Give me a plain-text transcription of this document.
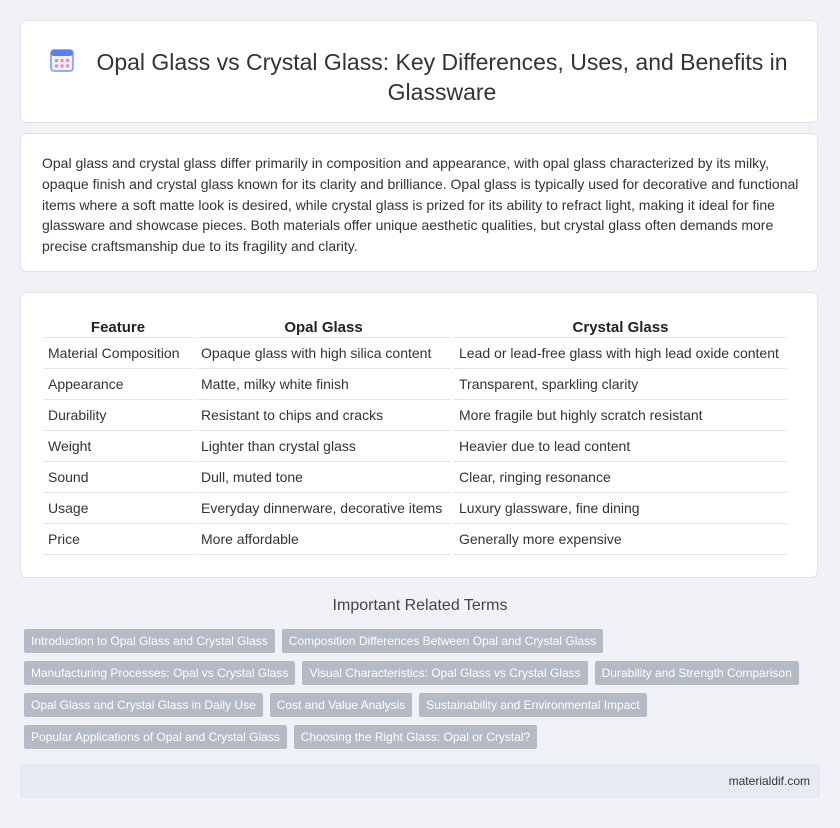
Opal Glass vs Crystal Glass: Key Differences, Uses, and Benefits in Glassware

Opal glass and crystal glass differ primarily in composition and appearance, with opal glass characterized by its milky, opaque finish and crystal glass known for its clarity and brilliance. Opal glass is typically used for decorative and functional items where a soft matte look is desired, while crystal glass is prized for its ability to refract light, making it ideal for fine glassware and showcase pieces. Both materials offer unique aesthetic qualities, but crystal glass often demands more precise craftsmanship due to its fragility and clarity.

Feature	Opal Glass	Crystal Glass
Material Composition	Opaque glass with high silica content	Lead or lead-free glass with high lead oxide content
Appearance	Matte, milky white finish	Transparent, sparkling clarity
Durability	Resistant to chips and cracks	More fragile but highly scratch resistant
Weight	Lighter than crystal glass	Heavier due to lead content
Sound	Dull, muted tone	Clear, ringing resonance
Usage	Everyday dinnerware, decorative items	Luxury glassware, fine dining
Price	More affordable	Generally more expensive
Important Related Terms
Introduction to Opal Glass and Crystal Glass	Composition Differences Between Opal and Crystal Glass
Manufacturing Processes: Opal vs Crystal Glass	Visual Characteristics: Opal Glass vs Crystal Glass	Durability and Strength Comparison
Opal Glass and Crystal Glass in Daily Use	Cost and Value Analysis	Sustainability and Environmental Impact
Popular Applications of Opal and Crystal Glass	Choosing the Right Glass: Opal or Crystal?
materialdif.com
